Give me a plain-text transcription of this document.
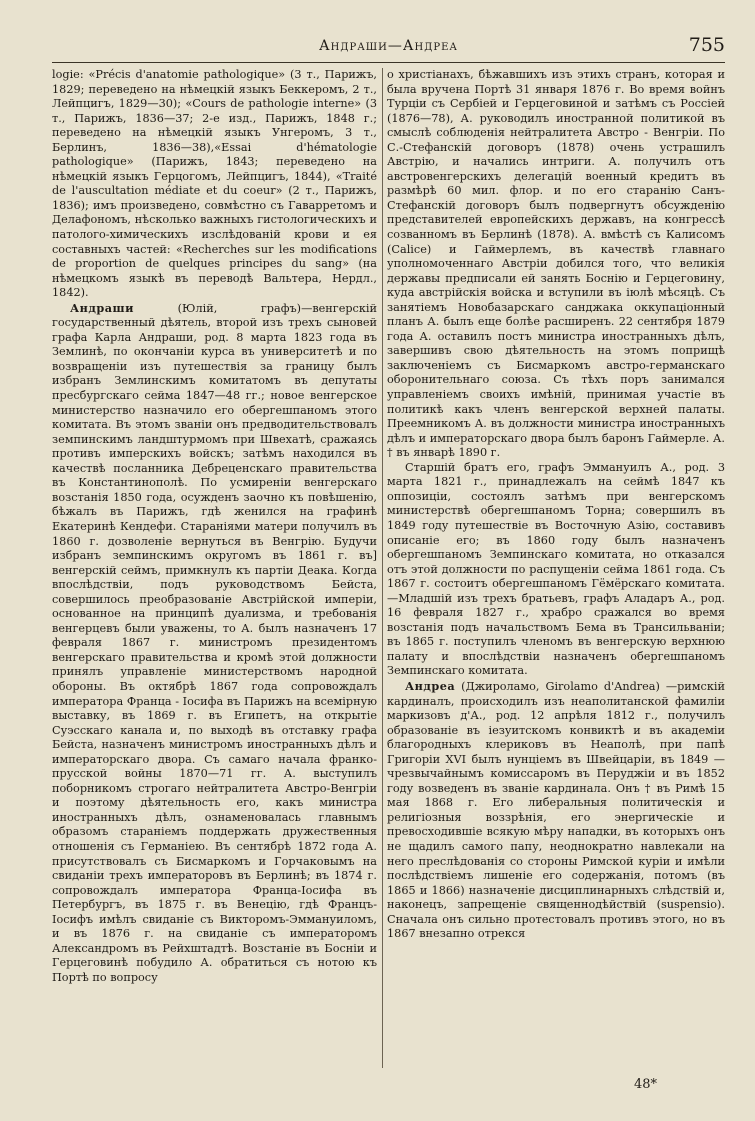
Андраши—Андреа	755

logie: «Précis d'anatomie pathologique» (3 т., Парижъ, 1829; переведено на нѣмецкій языкъ Беккеромъ, 2 т., Лейпцигъ, 1829—30); «Cours de pathologie interne» (3 т., Парижъ, 1836—37; 2-е изд., Парижъ, 1848 г.; переведено на нѣмецкій языкъ Унгеромъ, 3 т., Берлинъ, 1836—38),«Essai d'hématologie pathologique» (Парижъ, 1843; переведено на нѣмецкій языкъ Герцогомъ, Лейпцигъ, 1844), «Traité de l'auscultation médiate et du coeur» (2 т., Парижъ, 1836); имъ произведено, совмѣстно съ Гаварретомъ и Делафономъ, нѣсколько важныхъ гистологическихъ и патолого-химическихъ изслѣдованій крови и ея составныхъ частей: «Recherches sur les modifications de proportion de quelques principes du sang» (на нѣмецкомъ языкѣ въ переводѣ Вальтера, Нердл., 1842).

Андраши (Юлій, графъ)—венгерскій государственный дѣятель, второй изъ трехъ сыновей графа Карла Андраши, род. 8 марта 1823 года въ Землинѣ, по окончаніи курса въ университетѣ и по возвращеніи изъ путешествія за границу былъ избранъ Землинскимъ комитатомъ въ депутаты пресбургскаго сейма 1847—48 гг.; новое венгерское министерство назначило его обергешпаномъ этого комитата. Въ этомъ званіи онъ предводительствовалъ земпинскимъ ландштурмомъ при Швехатѣ, сражаясь противъ имперскихъ войскъ; затѣмъ находился въ качествѣ посланника Дебреценскаго правительства въ Константинополѣ. По усмиреніи венгерскаго возстанія 1850 года, осужденъ заочно къ повѣшенію, бѣжалъ въ Парижъ, гдѣ женился на графинѣ Екатеринѣ Кендефи. Стараніями матери получилъ въ 1860 г. дозволеніе вернуться въ Венгрію. Будучи избранъ земпинскимъ округомъ въ 1861 г. въ] венгерскій сеймъ, примкнулъ къ партіи Деака. Когда впослѣдствіи, подъ руководствомъ Бейста, совершилось преобразованіе Австрійской имперіи, основанное на принципѣ дуализма, и требованія венгерцевъ были уважены, то А. былъ назначенъ 17 февраля 1867 г. министромъ президентомъ венгерскаго правительства и кромѣ этой должности принялъ управленіе министерствомъ народной обороны. Въ октябрѣ 1867 года сопровождалъ императора Франца - Іосифа въ Парижъ на всемірную выставку, въ 1869 г. въ Египетъ, на открытіе Суэсскаго канала и, по выходѣ въ отставку графа Бейста, назначенъ министромъ иностранныхъ дѣлъ и императорскаго двора. Съ самаго начала франко-прусской войны 1870—71 гг. А. выступилъ поборникомъ строгаго нейтралитета Австро-Венгріи и поэтому дѣятельность его, какъ министра иностранныхъ дѣлъ, ознаменовалась главнымъ образомъ стараніемъ поддержать дружественныя отношенія съ Германіею. Въ сентябрѣ 1872 года А. присутствовалъ съ Бисмаркомъ и Горчаковымъ на свиданіи трехъ императоровъ въ Берлинѣ; въ 1874 г. сопровождалъ императора Франца-Іосифа въ Петербургъ, въ 1875 г. въ Венецію, гдѣ Францъ-Іосифъ имѣлъ свиданіе съ Викторомъ-Эммануиломъ, и въ 1876 г. на свиданіе съ императоромъ Александромъ въ Рейхштадтѣ. Возстаніе въ Босніи и Герцеговинѣ побудило А. обратиться съ нотою къ Портѣ по вопросу

о христіанахъ, бѣжавшихъ изъ этихъ странъ, которая и была вручена Портѣ 31 января 1876 г. Во время войнъ Турціи съ Сербіей и Герцеговиной и затѣмъ съ Россіей (1876—78), А. руководилъ иностранной политикой въ смыслѣ соблюденія нейтралитета Австро - Венгріи. По С.-Стефанскій договоръ (1878) очень устрашилъ Австрію, и начались интриги. А. получилъ отъ австровенгерскихъ делегацій военный кредитъ въ размѣрѣ 60 мил. флор. и по его старанію Санъ-Стефанскій договоръ былъ подвергнутъ обсужденію представителей европейскихъ державъ, на конгрессѣ созванномъ въ Берлинѣ (1878). А. вмѣстѣ съ Калисомъ (Calice) и Гаймерлемъ, въ качествѣ главнаго уполномоченнаго Австріи добился того, что великія державы предписали ей занять Боснію и Герцеговину, куда австрійскія войска и вступили въ іюлѣ мѣсяцѣ. Съ занятіемъ Новобазарскаго санджака оккупаціонный планъ А. былъ еще болѣе расширенъ. 22 сентября 1879 года А. оставилъ постъ министра иностранныхъ дѣлъ, завершивъ свою дѣятельность на этомъ поприщѣ заключеніемъ съ Бисмаркомъ австро-германскаго оборонительнаго союза. Съ тѣхъ поръ занимался управленіемъ своихъ имѣній, принимая участіе въ политикѣ какъ членъ венгерской верхней палаты. Преемникомъ А. въ должности министра иностранныхъ дѣлъ и императорскаго двора былъ баронъ Гаймерле. А. † въ январѣ 1890 г.

Старшій братъ его, графъ Эммануилъ А., род. 3 марта 1821 г., принадлежалъ на сеймѣ 1847 къ оппозиціи, состоялъ затѣмъ при венгерскомъ министерствѣ обергешпаномъ Торна; совершилъ въ 1849 году путешествіе въ Восточную Азію, составивъ описаніе его; въ 1860 году былъ назначенъ обергешпаномъ Земпинскаго комитата, но отказался отъ этой должности по распущеніи сейма 1861 года. Съ 1867 г. состоитъ обергешпаномъ Гёмёрскаго комитата.—Младшій изъ трехъ братьевъ, графъ Аладаръ А., род. 16 февраля 1827 г., храбро сражался во время возстанія подъ начальствомъ Бема въ Трансильваніи; въ 1865 г. поступилъ членомъ въ венгерскую верхнюю палату и впослѣдствіи назначенъ обергешпаномъ Земпинскаго комитата.

Андреа (Джироламо, Girolamo d'Andrea) —римскій кардиналъ, происходилъ изъ неаполитанской фамиліи маркизовъ д'А., род. 12 апрѣля 1812 г., получилъ образованіе въ іезуитскомъ конвиктѣ и въ академіи благородныхъ клериковъ въ Неаполѣ, при папѣ Григоріи XVI былъ нунціемъ въ Швейцаріи, въ 1849 — чрезвычайнымъ комиссаромъ въ Перуджіи и въ 1852 году возведенъ въ званіе кардинала. Онъ † въ Римѣ 15 мая 1868 г. Его либеральныя политическія и религіозныя воззрѣнія, его энергическіе и превосходившіе всякую мѣру нападки, въ которыхъ онъ не щадилъ самого папу, неоднократно навлекали на него преслѣдованія со стороны Римской куріи и имѣли послѣдствіемъ лишеніе его содержанія, потомъ (въ 1865 и 1866) назначеніе дисциплинарныхъ слѣдствій и, наконецъ, запрещеніе священнодѣйствій (suspensio). Сначала онъ сильно протестовалъ противъ этого, но въ 1867 внезапно отрекся

48*
